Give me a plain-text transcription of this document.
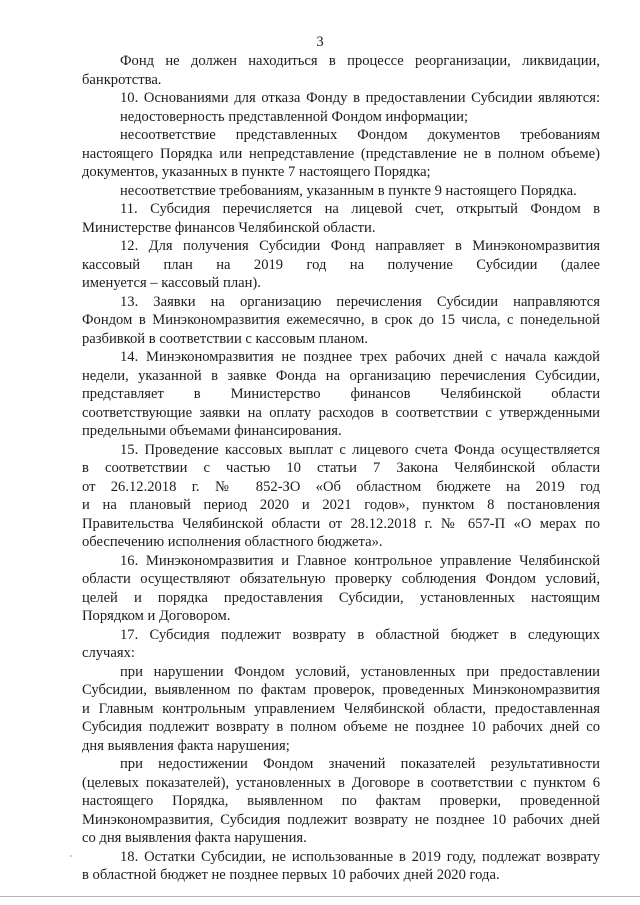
3
Фонд не должен находиться в процессе реорганизации, ликвидации,
банкротства.
10. Основаниями для отказа Фонду в предоставлении Субсидии являются:
недостоверность представленной Фондом информации;
несоответствие представленных Фондом документов требованиям
настоящего Порядка или непредставление (представление не в полном объеме)
документов, указанных в пункте 7 настоящего Порядка;
несоответствие требованиям, указанным в пункте 9 настоящего Порядка.
11. Субсидия перечисляется на лицевой счет, открытый Фондом в
Министерстве финансов Челябинской области.
12. Для получения Субсидии Фонд направляет в Минэкономразвития
кассовый план на 2019 год на получение Субсидии (далее
именуется – кассовый план).
13. Заявки на организацию перечисления Субсидии направляются
Фондом в Минэкономразвития ежемесячно, в срок до 15 числа, с понедельной
разбивкой в соответствии с кассовым планом.
14. Минэкономразвития не позднее трех рабочих дней с начала каждой
недели, указанной в заявке Фонда на организацию перечисления Субсидии,
представляет в Министерство финансов Челябинской области
соответствующие заявки на оплату расходов в соответствии с утвержденными
предельными объемами финансирования.
15. Проведение кассовых выплат с лицевого счета Фонда осуществляется
в соответствии с частью 10 статьи 7 Закона Челябинской области
от 26.12.2018 г. № 852-ЗО «Об областном бюджете на 2019 год
и на плановый период 2020 и 2021 годов», пунктом 8 постановления
Правительства Челябинской области от 28.12.2018 г. № 657-П «О мерах по
обеспечению исполнения областного бюджета».
16. Минэкономразвития и Главное контрольное управление Челябинской
области осуществляют обязательную проверку соблюдения Фондом условий,
целей и порядка предоставления Субсидии, установленных настоящим
Порядком и Договором.
17. Субсидия подлежит возврату в областной бюджет в следующих
случаях:
при нарушении Фондом условий, установленных при предоставлении
Субсидии, выявленном по фактам проверок, проведенных Минэкономразвития
и Главным контрольным управлением Челябинской области, предоставленная
Субсидия подлежит возврату в полном объеме не позднее 10 рабочих дней со
дня выявления факта нарушения;
при недостижении Фондом значений показателей результативности
(целевых показателей), установленных в Договоре в соответствии с пунктом 6
настоящего Порядка, выявленном по фактам проверки, проведенной
Минэкономразвития, Субсидия подлежит возврату не позднее 10 рабочих дней
со дня выявления факта нарушения.
18. Остатки Субсидии, не использованные в 2019 году, подлежат возврату
в областной бюджет не позднее первых 10 рабочих дней 2020 года.
